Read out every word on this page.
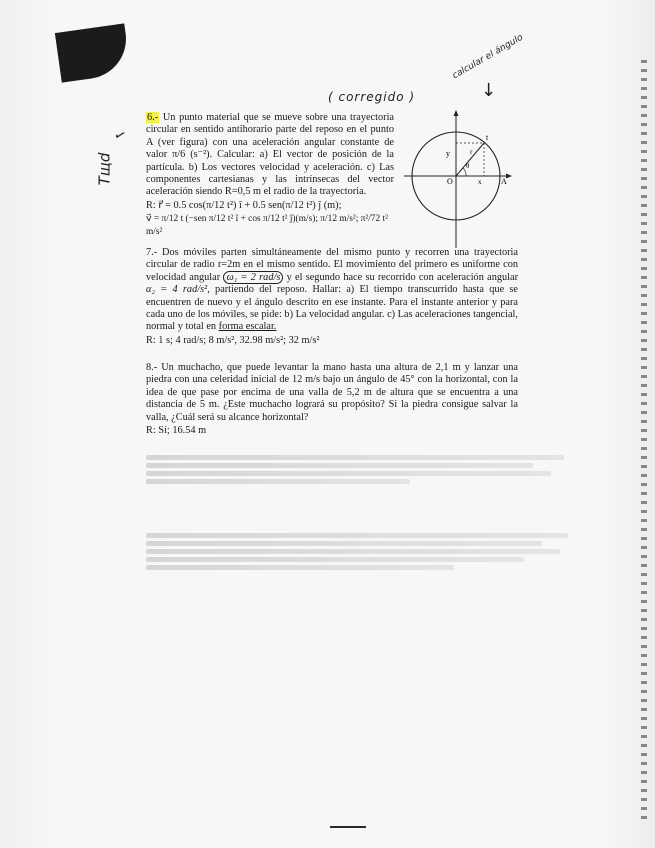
( corregido )
calcular el ángulo
↓
Тщd
✓
6.- Un punto material que se mueve sobre una trayectoria circular en sentido antihorario parte del reposo en el punto A (ver figura) con una aceleración angular constante de valor π/6 (s⁻²). Calcular: a) El vector de posición de la partícula. b) Los vectores velocidad y aceleración. c) Las componentes cartesianas y las intrínsecas del vector aceleración siendo R=0,5 m el radio de la trayectoria.
R: r⃗ = 0.5 cos(π/12 t²) î + 0.5 sen(π/12 t²) ĵ (m);
v⃗ = π/12 t (−sen π/12 t² î + cos π/12 t² ĵ)(m/s); π/12 m/s²; π²/72 t² m/s²
t
y	r
θ
O	x A
7.- Dos móviles parten simultáneamente del mismo punto y recorren una trayectoria circular de radio r=2m en el mismo sentido. El movimiento del primero es uniforme con velocidad angular ω₁ = 2 rad/s y el segundo hace su recorrido con aceleración angular α₂ = 4 rad/s², partiendo del reposo. Hallar: a) El tiempo transcurrido hasta que se encuentren de nuevo y el ángulo descrito en ese instante. Para el instante anterior y para cada uno de los móviles, se pide: b) La velocidad angular. c) Las aceleraciones tangencial, normal y total en forma escalar.
R: 1 s; 4 rad/s; 8 m/s², 32.98 m/s²; 32 m/s²
8.- Un muchacho, que puede levantar la mano hasta una altura de 2,1 m y lanzar una piedra con una celeridad inicial de 12 m/s bajo un ángulo de 45° con la horizontal, con la idea de que pase por encima de una valla de 5,2 m de altura que se encuentra a una distancia de 5 m. ¿Este muchacho logrará su propósito? Si la piedra consigue salvar la valla, ¿Cuál será su alcance horizontal?
R: Sí; 16.54 m
